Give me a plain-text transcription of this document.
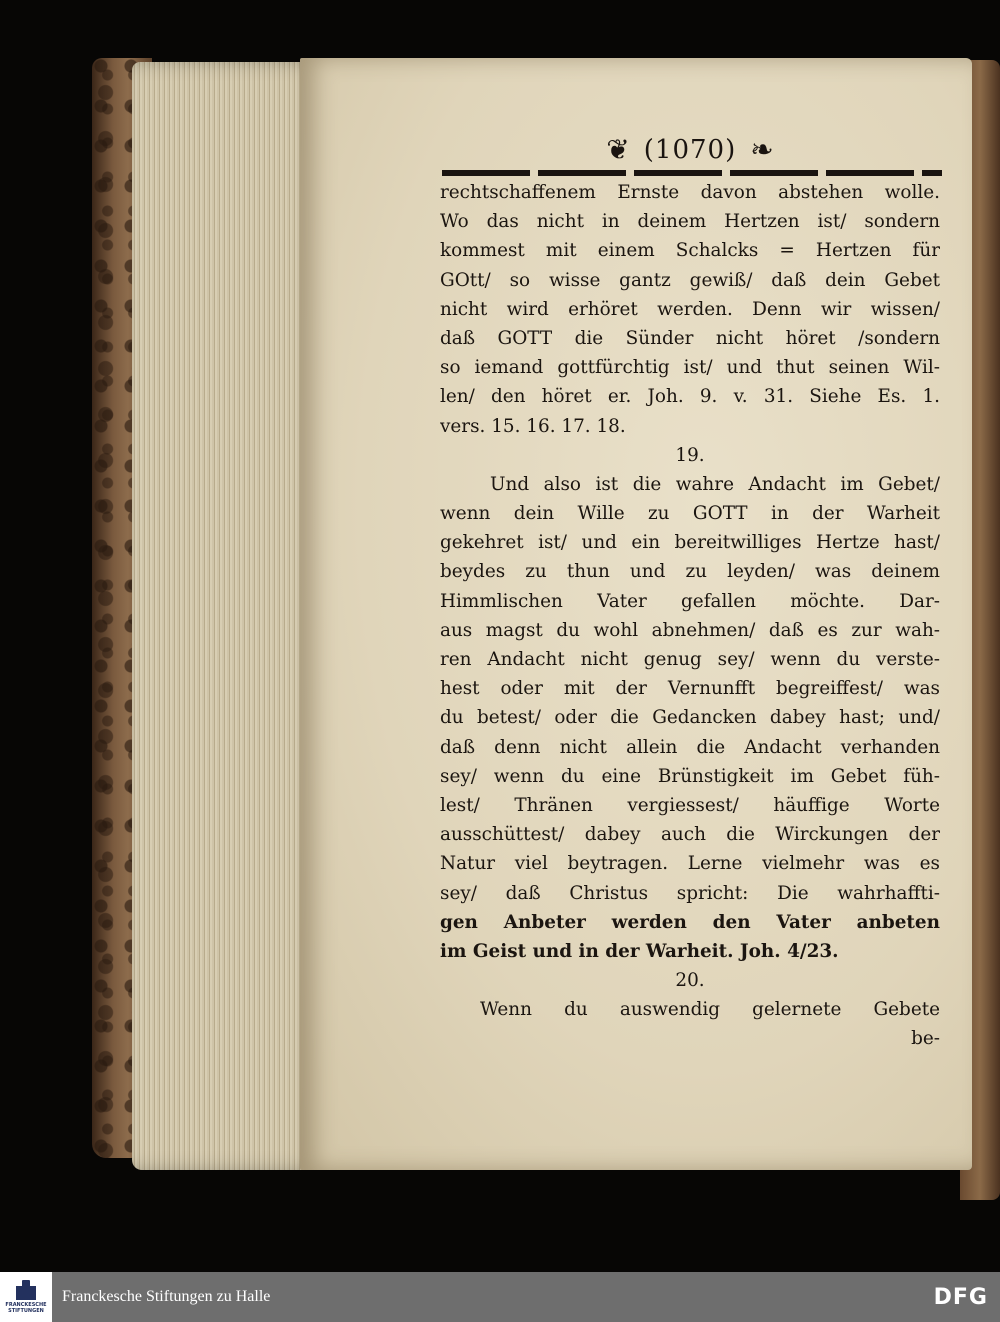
❦ (1070) ❧
rechtschaffenem Ernste davon abstehen wolle.
Wo das nicht in deinem Hertzen ist/ sondern
kommest mit einem Schalcks = Hertzen für
GOtt/ so wisse gantz gewiß/ daß dein Gebet
nicht wird erhöret werden. Denn wir wissen/
daß GOTT die Sünder nicht höret /sondern
so iemand gottfürchtig ist/ und thut seinen Wil-
len/ den höret er. Joh. 9. v. 31. Siehe Es. 1.
vers. 15. 16. 17. 18.
19.
Und also ist die wahre Andacht im Gebet/
wenn dein Wille zu GOTT in der Warheit
gekehret ist/ und ein bereitwilliges Hertze hast/
beydes zu thun und zu leyden/ was deinem
Himmlischen Vater gefallen möchte. Dar-
aus magst du wohl abnehmen/ daß es zur wah-
ren Andacht nicht genug sey/ wenn du verste-
hest oder mit der Vernunfft begreiffest/ was
du betest/ oder die Gedancken dabey hast; und/
daß denn nicht allein die Andacht verhanden
sey/ wenn du eine Brünstigkeit im Gebet füh-
lest/ Thränen vergiessest/ häuffige Worte
ausschüttest/ dabey auch die Wirckungen der
Natur viel beytragen. Lerne vielmehr was es
sey/ daß Christus spricht: Die wahrhaffti-
gen Anbeter werden den Vater anbeten
im Geist und in der Warheit. Joh. 4/23.
20.
Wenn du auswendig gelernete Gebete
be-
FRANCKESCHE
STIFTUNGEN
Franckesche Stiftungen zu Halle	DFG
